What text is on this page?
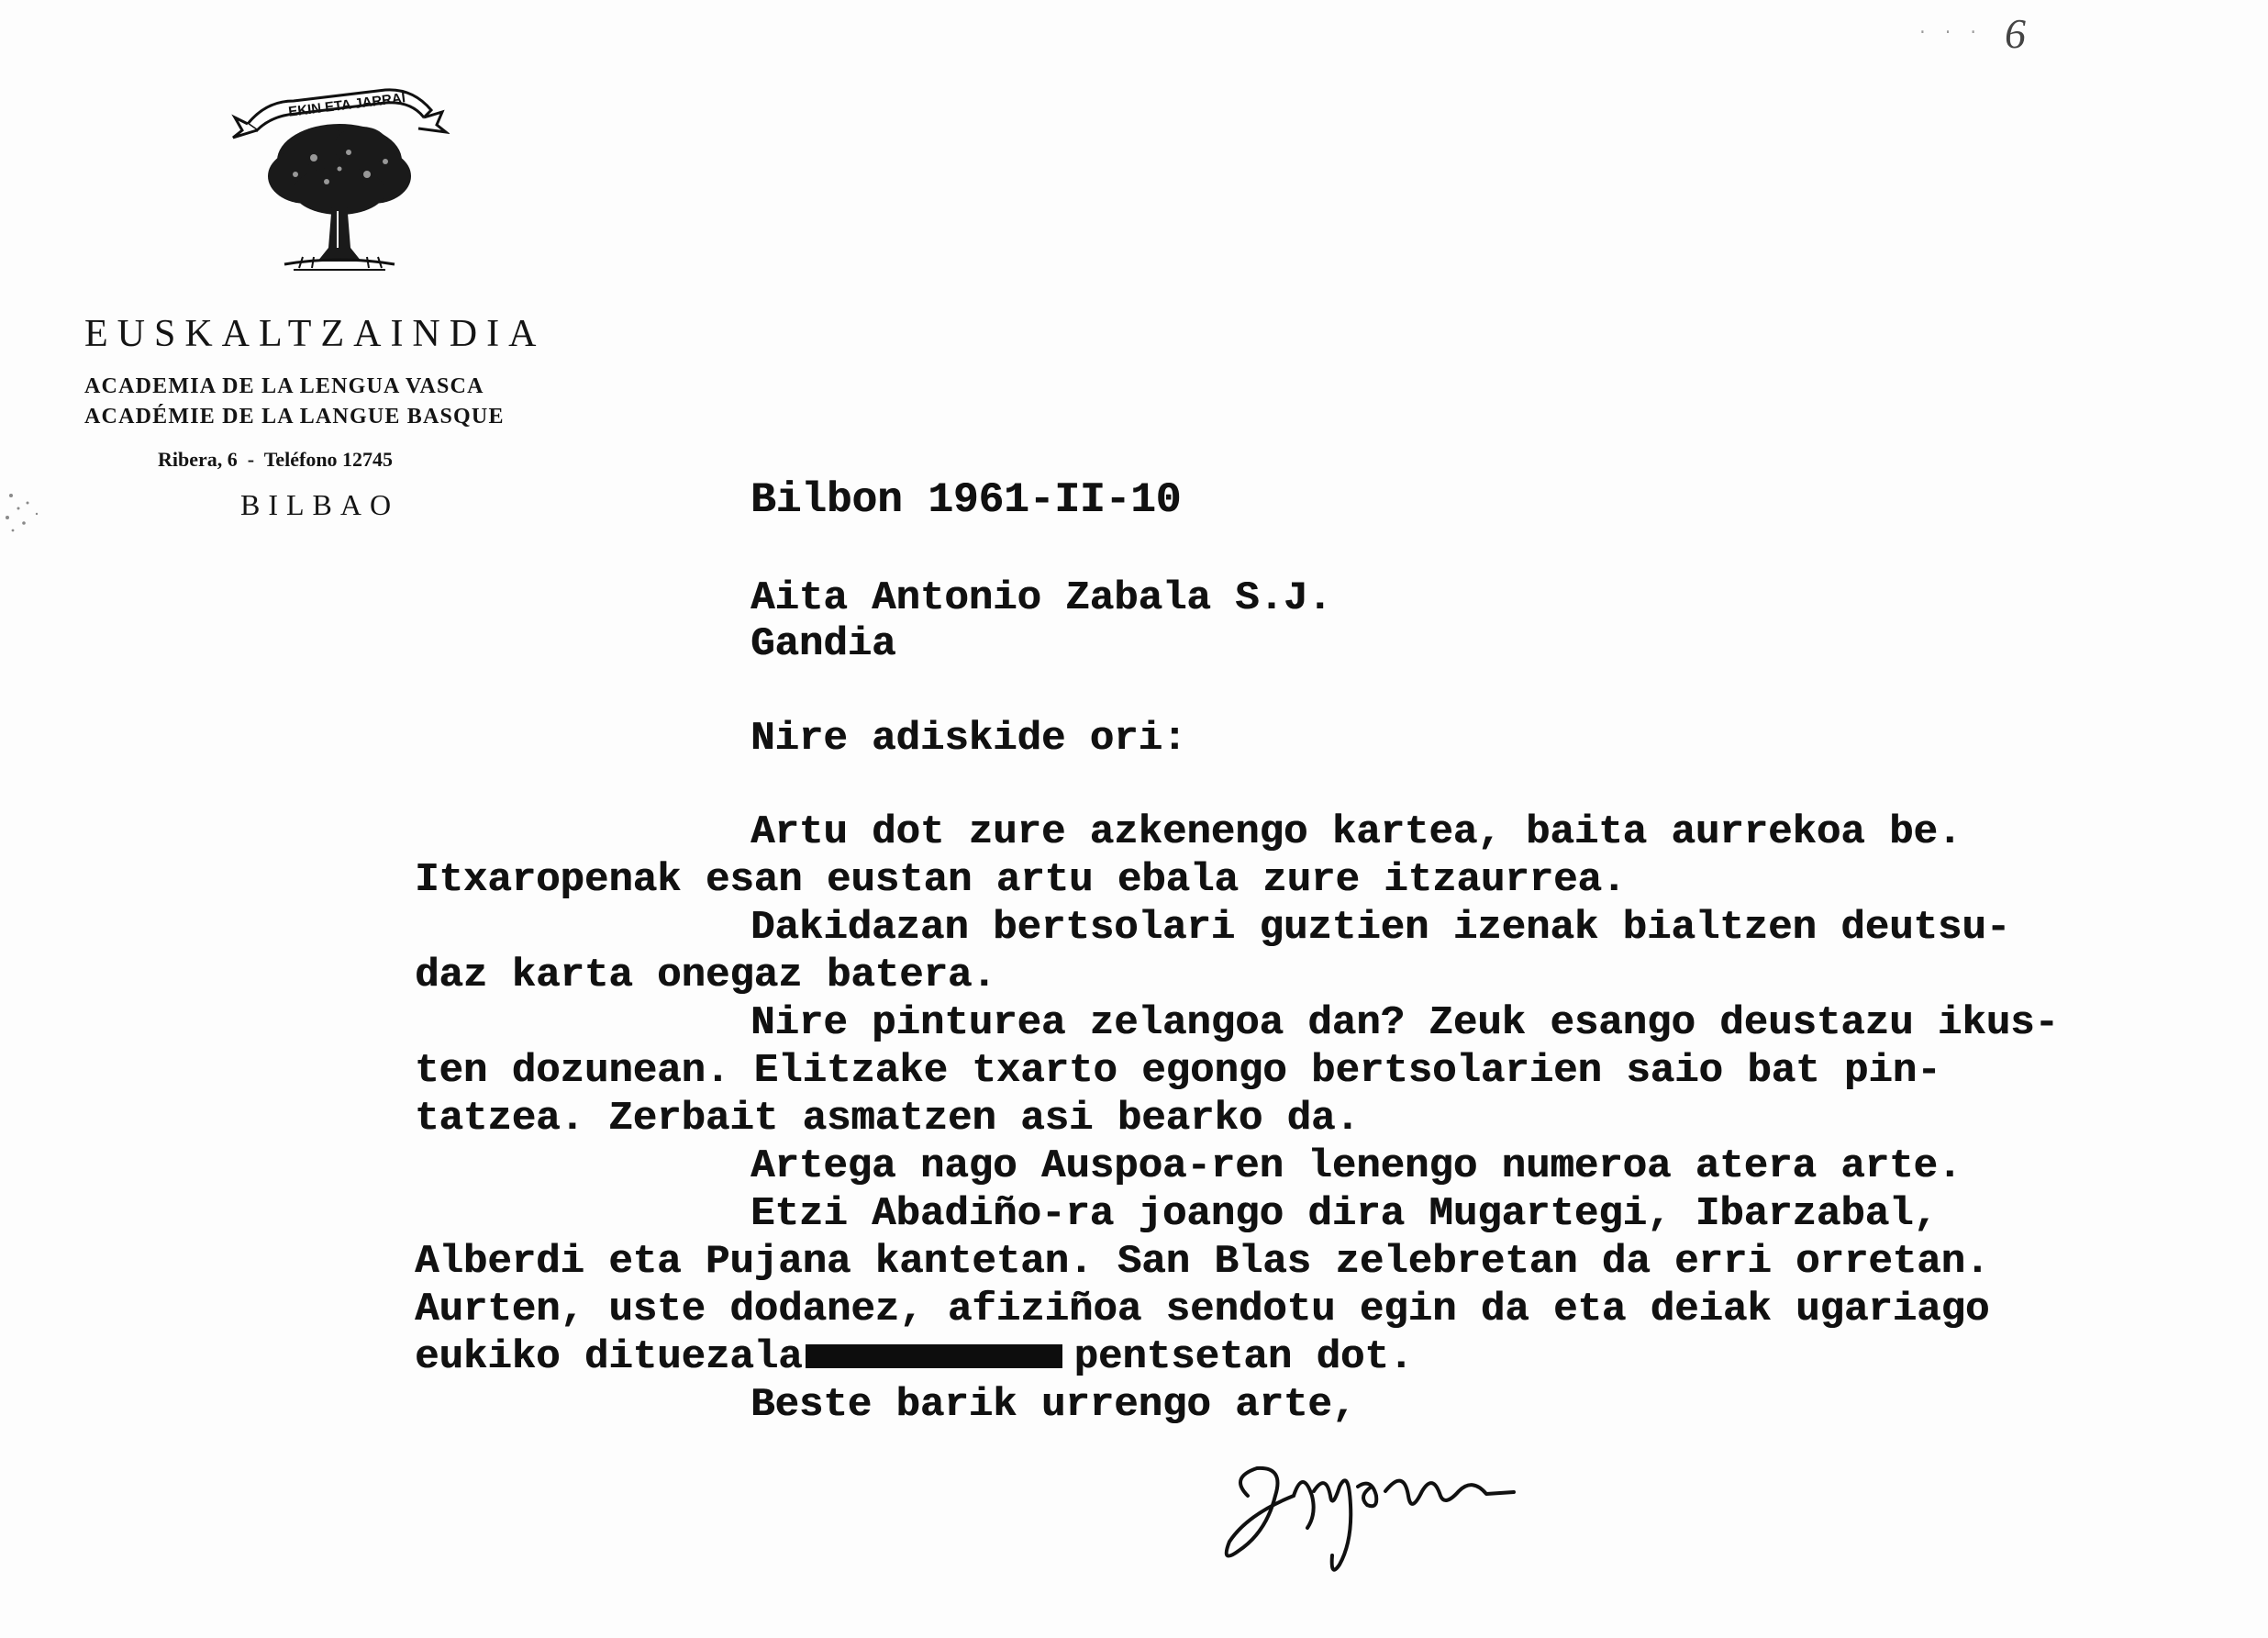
· · · 6
EKIN ETA JARRAI
EUSKALTZAINDIA
ACADEMIA DE LA LENGUA VASCA
ACADÉMIE DE LA LANGUE BASQUE
Ribera, 6  -  Teléfono 12745
BILBAO	Bilbon 1961-II-10
Aita Antonio Zabala S.J.
Gandia
Nire adiskide ori:
Artu dot zure azkenengo kartea, baita aurrekoa be.
Itxaropenak esan eustan artu ebala zure itzaurrea.
Dakidazan bertsolari guztien izenak bialtzen deutsu-
daz karta onegaz batera.
Nire pinturea zelangoa dan? Zeuk esango deustazu ikus-
ten dozunean. Elitzake txarto egongo bertsolarien saio bat pin-
tatzea. Zerbait asmatzen asi bearko da.
Artega nago Auspoa-ren lenengo numeroa atera arte.
Etzi Abadiño-ra joango dira Mugartegi, Ibarzabal,
Alberdi eta Pujana kantetan. San Blas zelebretan da erri orretan.
Aurten, uste dodanez, afiziñoa sendotu egin da eta deiak ugariago
eukiko dituezala	pentsetan dot.
Beste barik urrengo arte,
